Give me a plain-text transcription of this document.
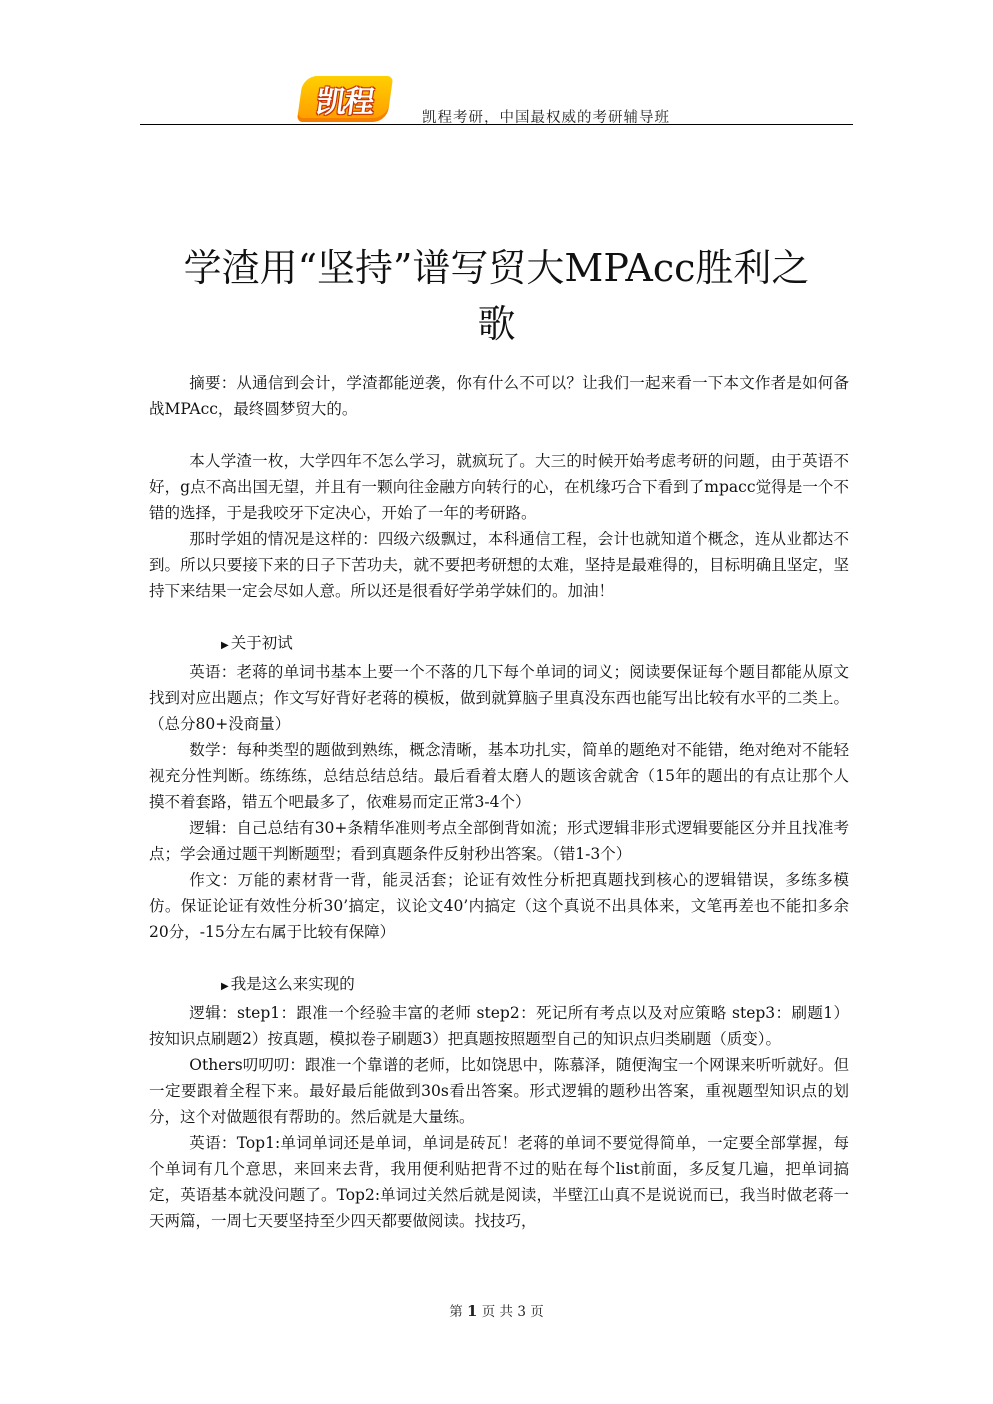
凯程	凯程考研，中国最权威的考研辅导班
学渣用“坚持”谱写贸大MPAcc胜利之
歌

摘要：从通信到会计，学渣都能逆袭，你有什么不可以？让我们一起来看一下本文作者是如何备战MPAcc，最终圆梦贸大的。

本人学渣一枚，大学四年不怎么学习，就疯玩了。大三的时候开始考虑考研的问题，由于英语不好，g点不高出国无望，并且有一颗向往金融方向转行的心，在机缘巧合下看到了mpacc觉得是一个不错的选择，于是我咬牙下定决心，开始了一年的考研路。

那时学姐的情况是这样的：四级六级飘过，本科通信工程，会计也就知道个概念，连从业都达不到。所以只要接下来的日子下苦功夫，就不要把考研想的太难，坚持是最难得的，目标明确且坚定，坚持下来结果一定会尽如人意。所以还是很看好学弟学妹们的。加油！

▶ 关于初试

英语：老蒋的单词书基本上要一个不落的几下每个单词的词义；阅读要保证每个题目都能从原文找到对应出题点；作文写好背好老蒋的模板，做到就算脑子里真没东西也能写出比较有水平的二类上。（总分80+没商量）

数学：每种类型的题做到熟练，概念清晰，基本功扎实，简单的题绝对不能错，绝对绝对不能轻视充分性判断。练练练，总结总结总结。最后看着太磨人的题该舍就舍（15年的题出的有点让那个人摸不着套路，错五个吧最多了，依难易而定正常3-4个）

逻辑：自己总结有30+条精华准则考点全部倒背如流；形式逻辑非形式逻辑要能区分并且找准考点；学会通过题干判断题型；看到真题条件反射秒出答案。（错1-3个）

作文：万能的素材背一背，能灵活套；论证有效性分析把真题找到核心的逻辑错误，多练多模仿。保证论证有效性分析30’搞定，议论文40’内搞定（这个真说不出具体来，文笔再差也不能扣多余20分，-15分左右属于比较有保障）

▶ 我是这么来实现的

逻辑：step1：跟准一个经验丰富的老师 step2：死记所有考点以及对应策略 step3：刷题1）按知识点刷题2）按真题，模拟卷子刷题3）把真题按照题型自己的知识点归类刷题（质变）。

Others叨叨叨：跟准一个靠谱的老师，比如饶思中，陈慕泽，随便淘宝一个网课来听听就好。但一定要跟着全程下来。最好最后能做到30s看出答案。形式逻辑的题秒出答案，重视题型知识点的划分，这个对做题很有帮助的。然后就是大量练。

英语：Top1:单词单词还是单词，单词是砖瓦！老蒋的单词不要觉得简单，一定要全部掌握，每个单词有几个意思，来回来去背，我用便利贴把背不过的贴在每个list前面，多反复几遍，把单词搞定，英语基本就没问题了。Top2:单词过关然后就是阅读，半壁江山真不是说说而已，我当时做老蒋一天两篇，一周七天要坚持至少四天都要做阅读。找技巧，

第 1 页 共 3 页
